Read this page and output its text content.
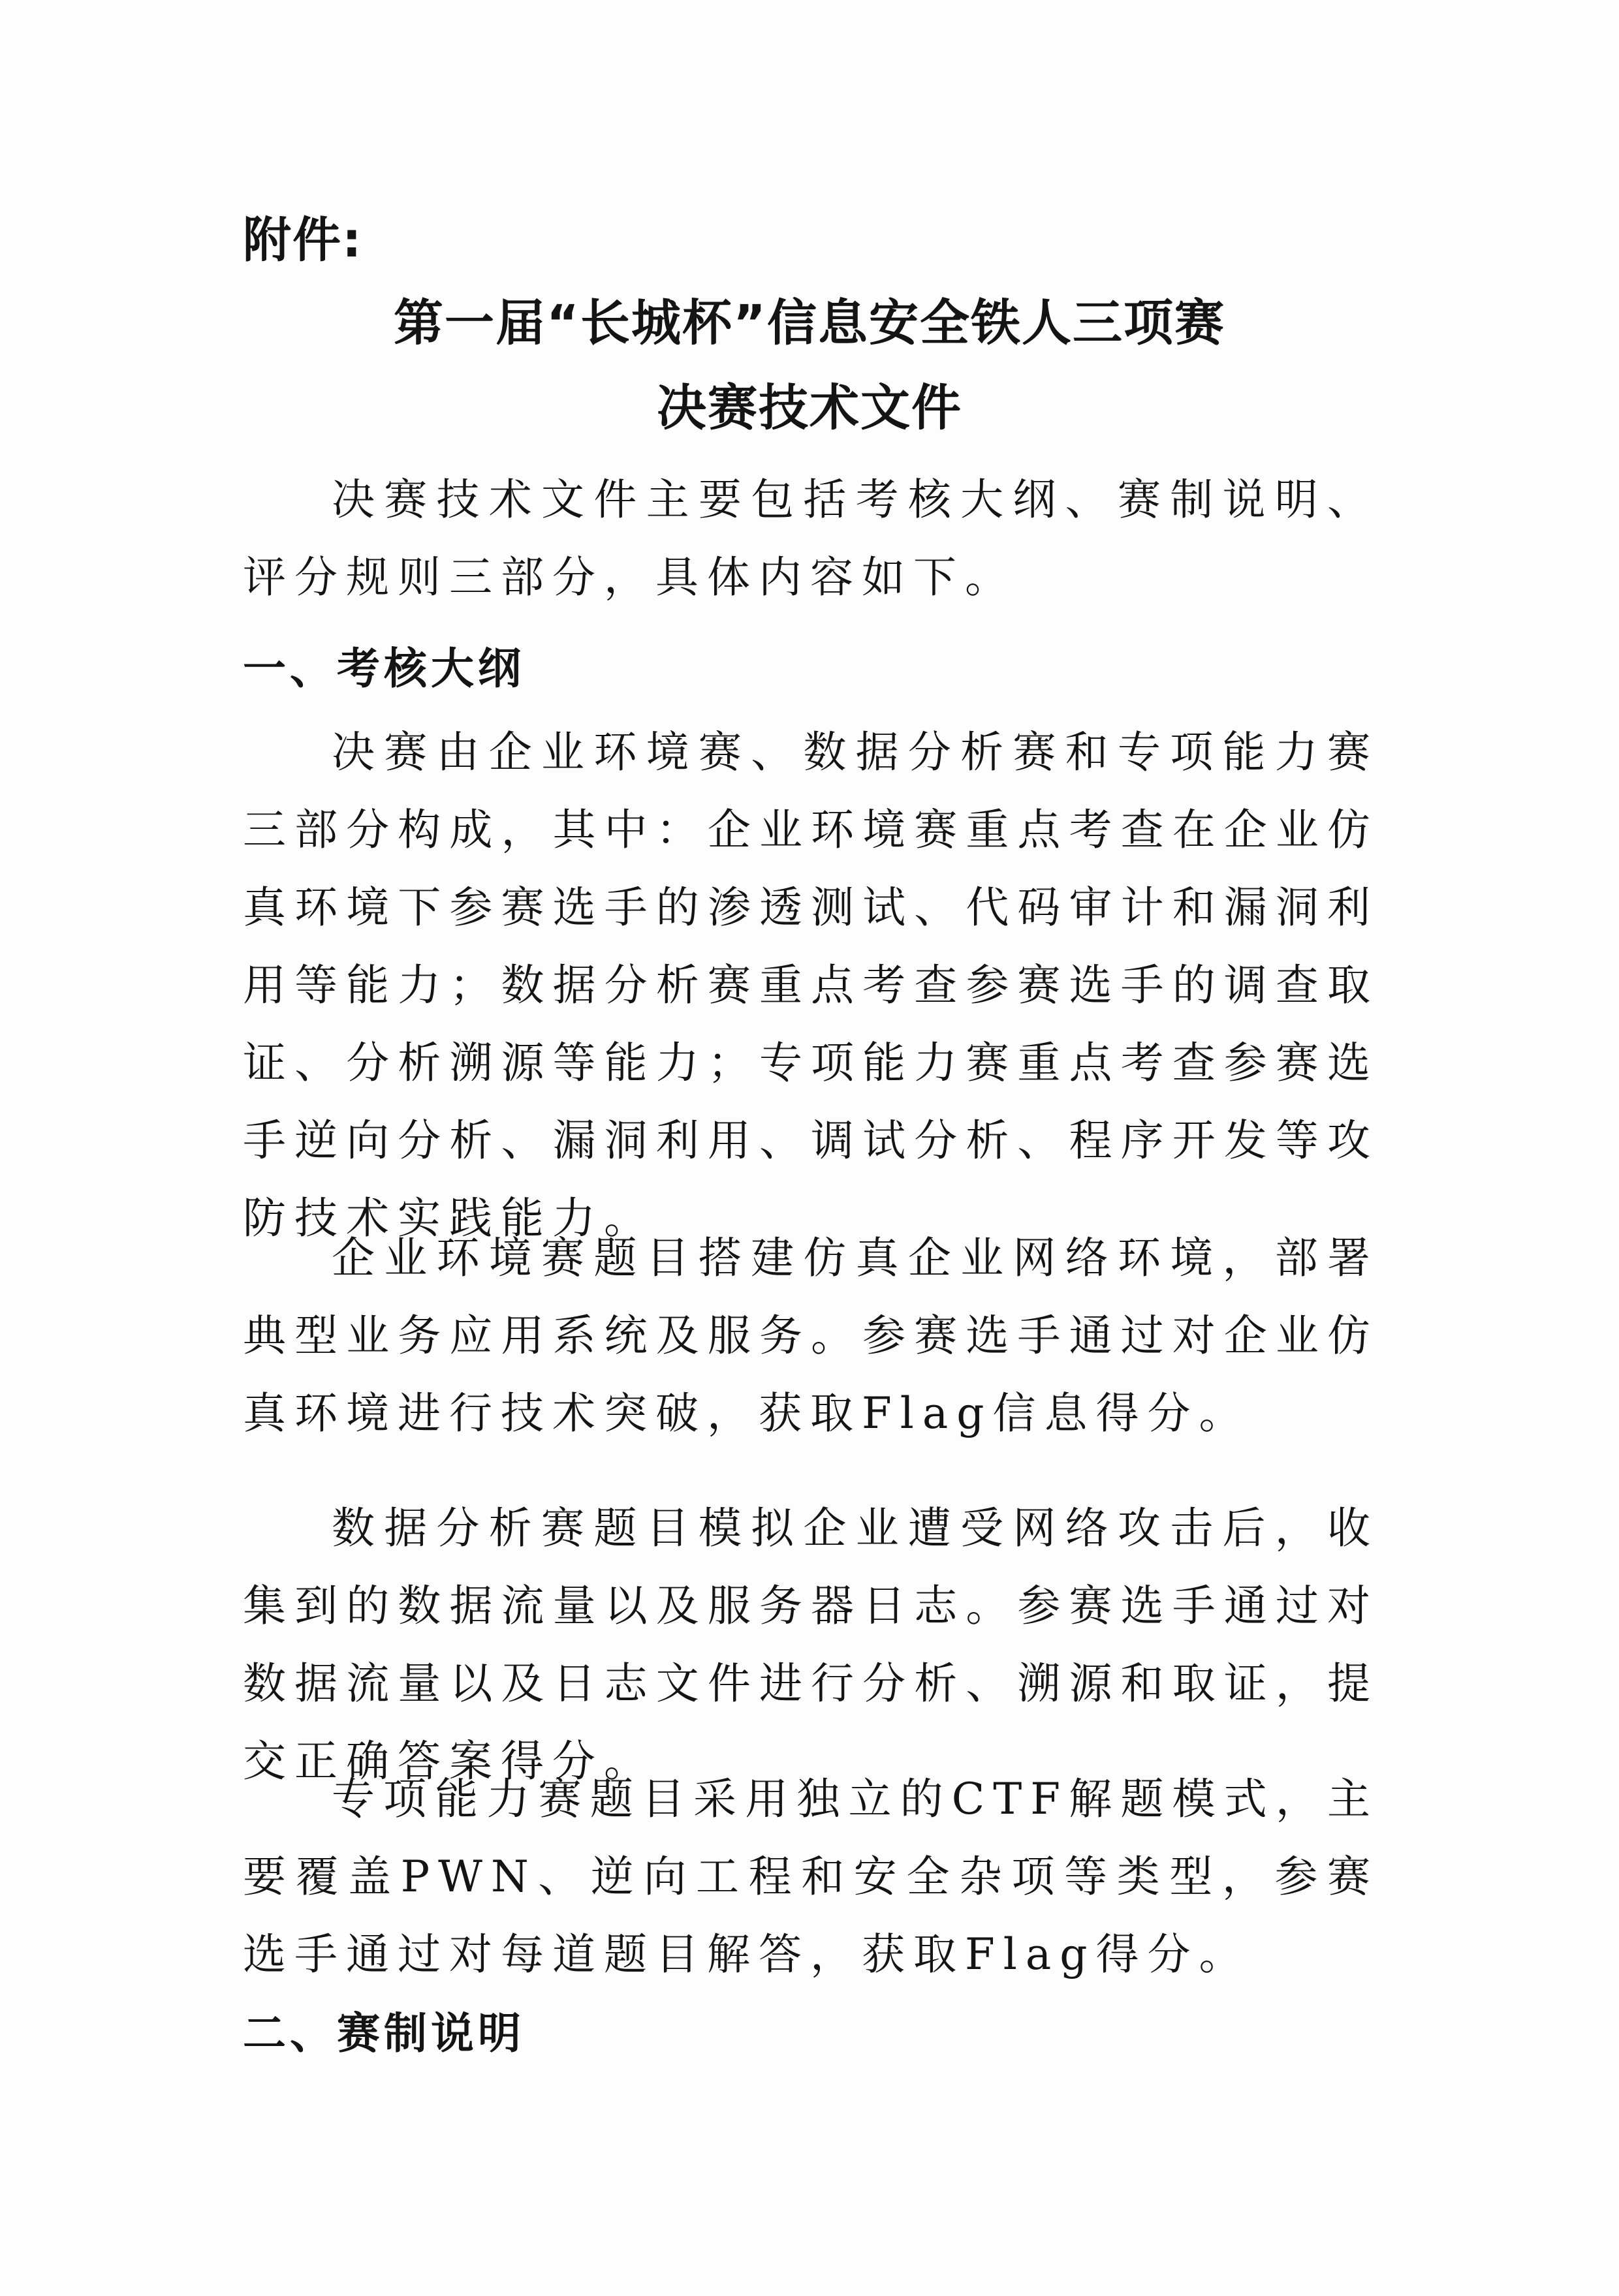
附件:
第一届“长城杯”信息安全铁人三项赛
决赛技术文件
决赛技术文件主要包括考核大纲、赛制说明、评分规则三部分，具体内容如下。
一、考核大纲
决赛由企业环境赛、数据分析赛和专项能力赛三部分构成，其中：企业环境赛重点考查在企业仿真环境下参赛选手的渗透测试、代码审计和漏洞利用等能力；数据分析赛重点考查参赛选手的调查取证、分析溯源等能力；专项能力赛重点考查参赛选手逆向分析、漏洞利用、调试分析、程序开发等攻防技术实践能力。
企业环境赛题目搭建仿真企业网络环境，部署典型业务应用系统及服务。参赛选手通过对企业仿真环境进行技术突破，获取Flag信息得分。
数据分析赛题目模拟企业遭受网络攻击后，收集到的数据流量以及服务器日志。参赛选手通过对数据流量以及日志文件进行分析、溯源和取证，提交正确答案得分。
专项能力赛题目采用独立的CTF解题模式，主要覆盖PWN、逆向工程和安全杂项等类型，参赛选手通过对每道题目解答，获取Flag得分。
二、赛制说明
